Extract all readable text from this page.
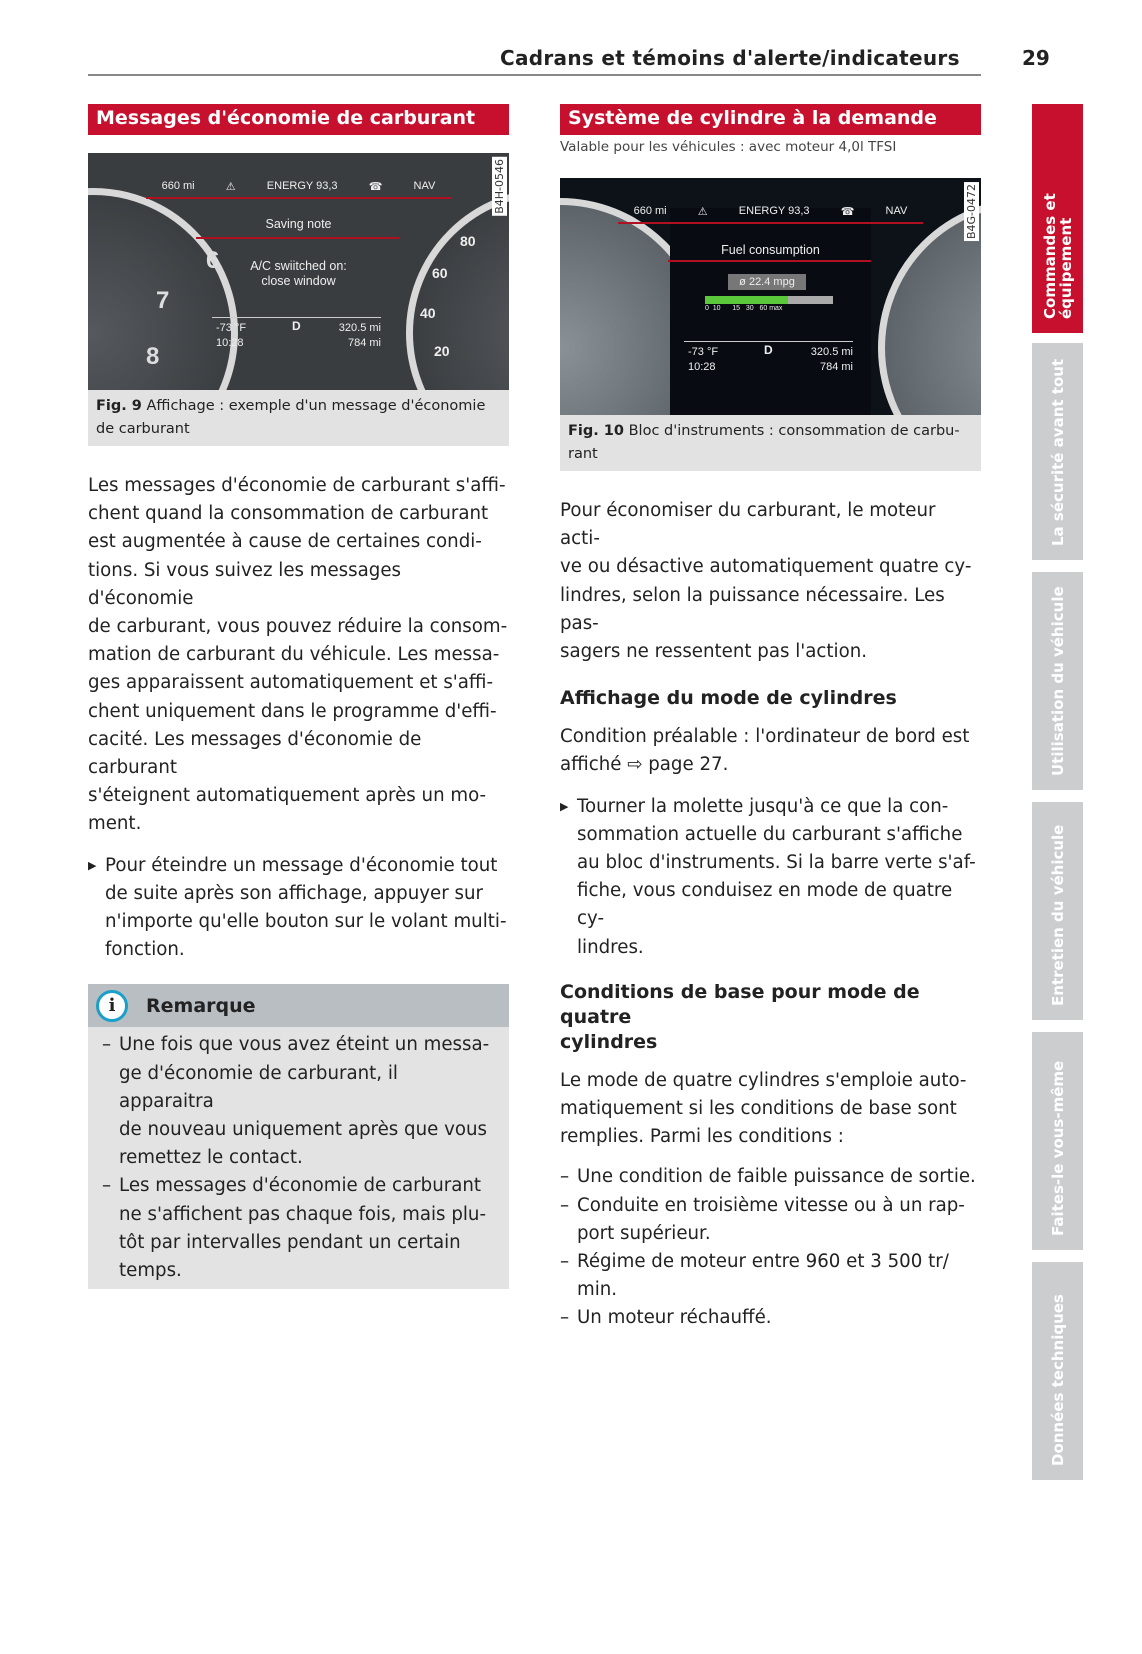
Cadrans et témoins d'alerte/indicateurs	29
Messages d'économie de carburant
6
7
8
80
60
40
20
660 mi	⚠	ENERGY 93,3	☎	NAV
Saving note
A/C swiitched on:
close window
-73 °F
10:28
D	320.5 mi
784 mi
B4H-0546
Fig. 9 Affichage : exemple d'un message d'économie de carburant
Les messages d'économie de carburant s'affi-
chent quand la consommation de carburant
est augmentée à cause de certaines condi-
tions. Si vous suivez les messages d'économie
de carburant, vous pouvez réduire la consom-
mation de carburant du véhicule. Les messa-
ges apparaissent automatiquement et s'affi-
chent uniquement dans le programme d'effi-
cacité. Les messages d'économie de carburant
s'éteignent automatiquement après un mo-
ment.
▶ Pour éteindre un message d'économie tout
de suite après son affichage, appuyer sur
n'importe qu'elle bouton sur le volant multi-
fonction.
i	Remarque
– Une fois que vous avez éteint un messa-
ge d'économie de carburant, il apparaitra
de nouveau uniquement après que vous
remettez le contact.
– Les messages d'économie de carburant
ne s'affichent pas chaque fois, mais plu-
tôt par intervalles pendant un certain
temps.
Système de cylindre à la demande
Valable pour les véhicules : avec moteur 4,0l TFSI
660 mi	⚠	ENERGY 93,3	☎	NAV
Fuel consumption
ø 22.4 mpg
0  10      15   30   60 max
-73 °F
10:28
D	320.5 mi
784 mi
B4G-0472
Fig. 10 Bloc d'instruments : consommation de carbu-rant
Pour économiser du carburant, le moteur acti-
ve ou désactive automatiquement quatre cy-
lindres, selon la puissance nécessaire. Les pas-
sagers ne ressentent pas l'action.
Affichage du mode de cylindres
Condition préalable : l'ordinateur de bord est
affiché ⇨ page 27.
▶ Tourner la molette jusqu'à ce que la con-
sommation actuelle du carburant s'affiche
au bloc d'instruments. Si la barre verte s'af-
fiche, vous conduisez en mode de quatre cy-
lindres.
Conditions de base pour mode de quatre
cylindres
Le mode de quatre cylindres s'emploie auto-
matiquement si les conditions de base sont
remplies. Parmi les conditions :
– Une condition de faible puissance de sortie.
– Conduite en troisième vitesse ou à un rap-
port supérieur.
– Régime de moteur entre 960 et 3 500 tr/
min.
– Un moteur réchauffé.
Commandes et équipement
La sécurité avant tout
Utilisation du véhicule
Entretien du véhicule
Faites-le vous-même
Données techniques
